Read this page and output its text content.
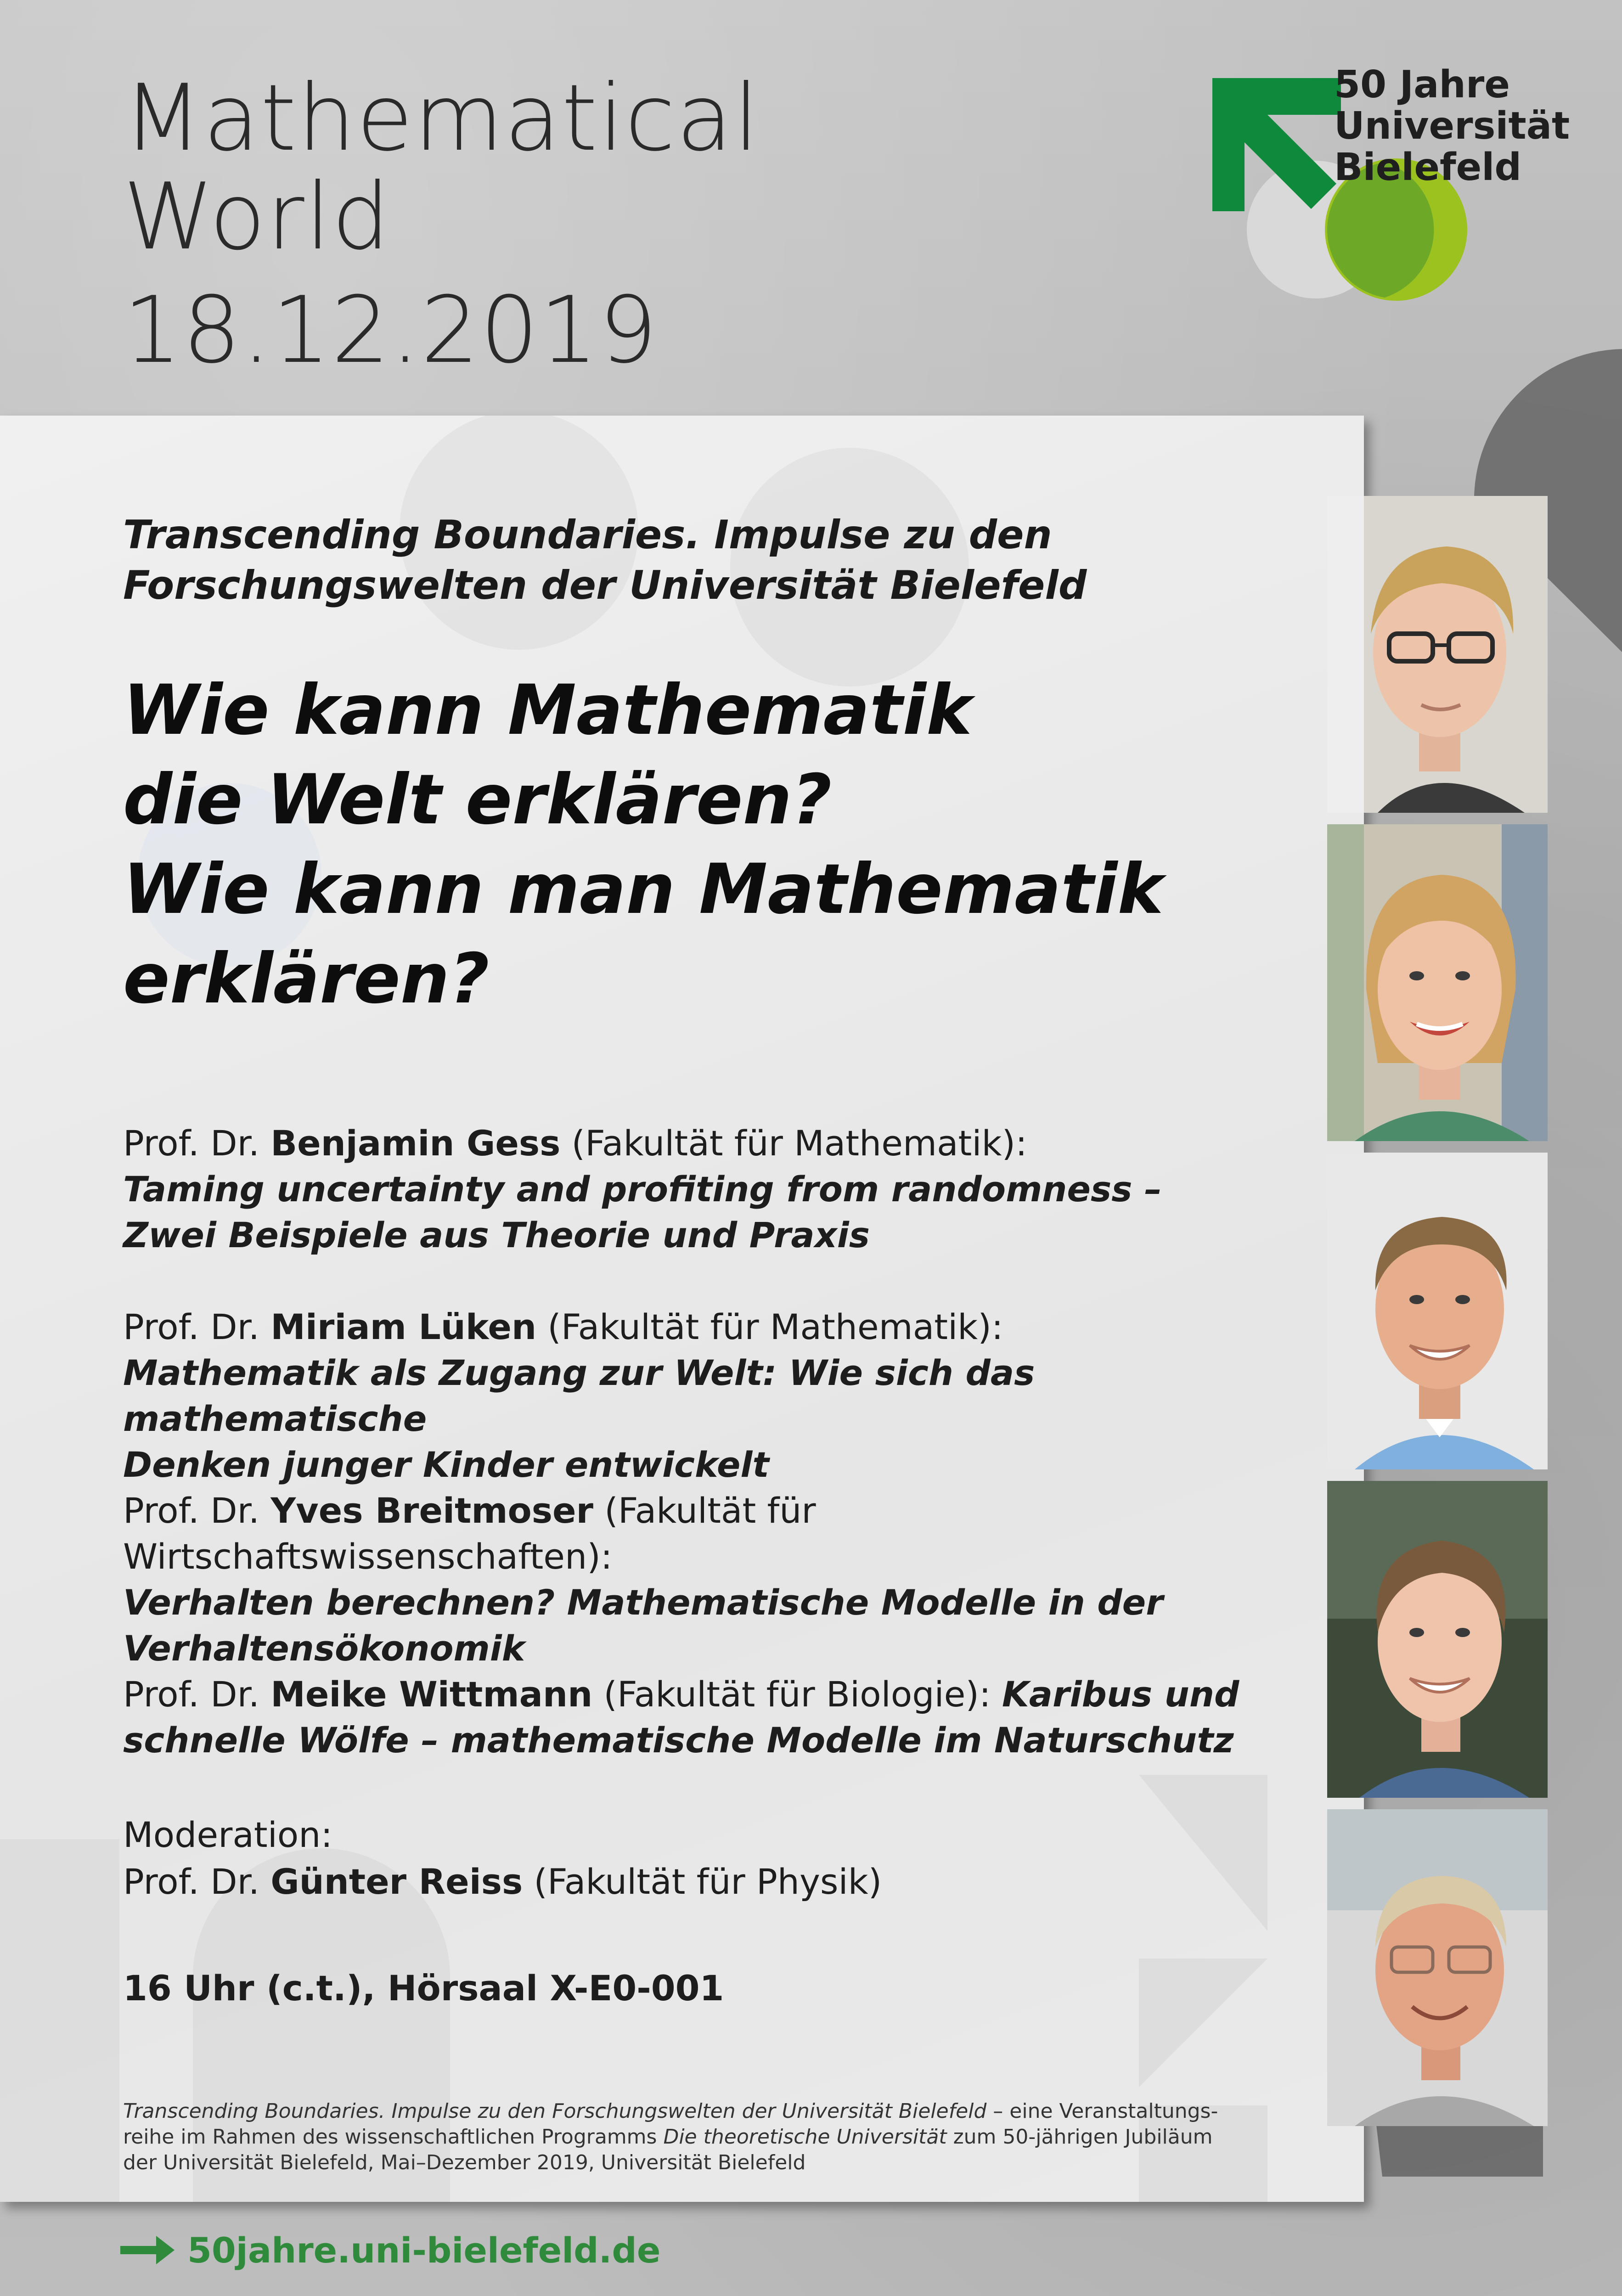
Mathematical
World
18.12.2019
50 Jahre
Universität
Bielefeld
Transcending Boundaries. Impulse zu den
Forschungswelten der Universität Bielefeld
Wie kann Mathematik
die Welt erklären?
Wie kann man Mathematik
erklären?
Prof. Dr. Benjamin Gess (Fakultät für Mathematik):
Taming uncertainty and profiting from randomness –
Zwei Beispiele aus Theorie und Praxis
Prof. Dr. Miriam Lüken (Fakultät für Mathematik):
Mathematik als Zugang zur Welt: Wie sich das mathematische
Denken junger Kinder entwickelt
Prof. Dr. Yves Breitmoser (Fakultät für Wirtschaftswissenschaften):
Verhalten berechnen? Mathematische Modelle in der
Verhaltensökonomik
Prof. Dr. Meike Wittmann (Fakultät für Biologie): Karibus und
schnelle Wölfe – mathematische Modelle im Naturschutz
Moderation:
Prof. Dr. Günter Reiss (Fakultät für Physik)
16 Uhr (c.t.), Hörsaal X-E0-001
Transcending Boundaries. Impulse zu den Forschungswelten der Universität Bielefeld – eine Veranstaltungs-
reihe im Rahmen des wissenschaftlichen Programms Die theoretische Universität zum 50-jährigen Jubiläum
der Universität Bielefeld, Mai–Dezember 2019, Universität Bielefeld
50jahre.uni-bielefeld.de
